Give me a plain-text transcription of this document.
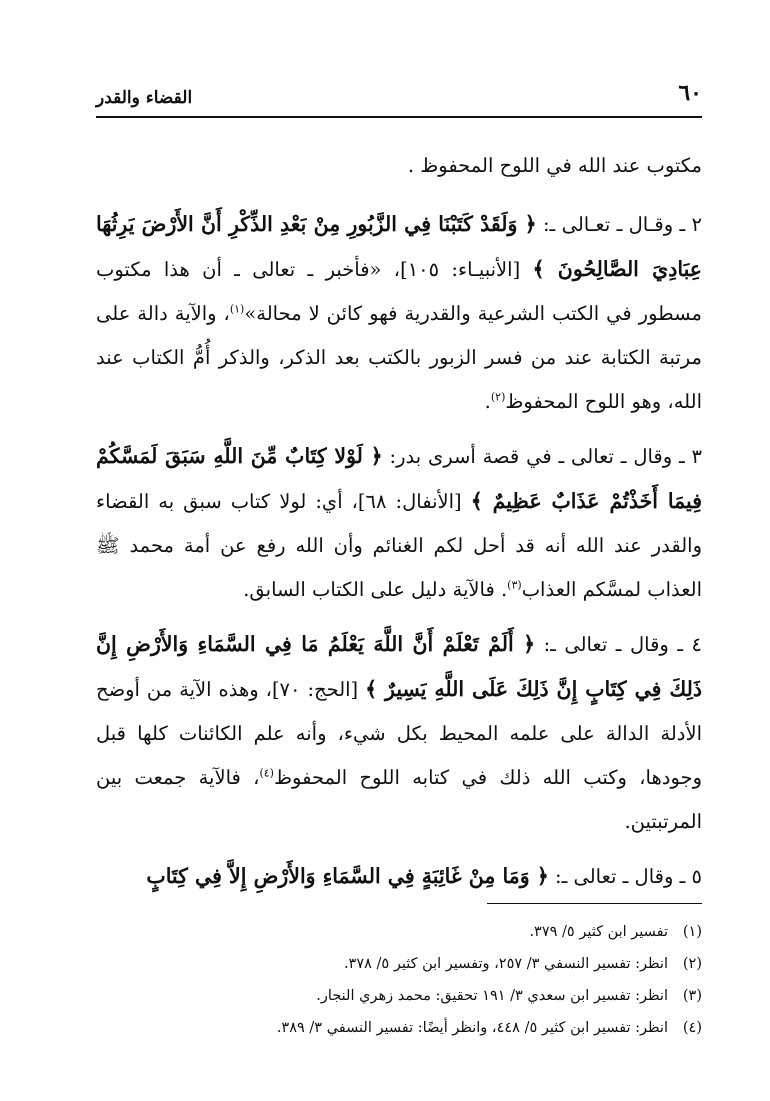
٦٠
القضاء والقدر

مكتوب عند الله في اللوح المحفوظ .

٢ ـ وقـال ـ تعـالى ـ: ﴿ وَلَقَدْ كَتَبْنَا فِي الزَّبُورِ مِنْ بَعْدِ الذِّكْرِ أَنَّ الأَرْضَ يَرِثُهَا عِبَادِيَ الصَّالِحُونَ ﴾ [الأنبيـاء: ١٠٥]، «فأخبر ـ تعالى ـ أن هذا مكتوب مسطور في الكتب الشرعية والقدرية فهو كائن لا محالة»$^{(١)}$، والآية دالة على مرتبة الكتابة عند من فسر الزبور بالكتب بعد الذكر، والذكر أُمُّ الكتاب عند الله، وهو اللوح المحفوظ$^{(٢)}$.

٣ ـ وقال ـ تعالى ـ في قصة أسرى بدر: ﴿ لَوْلا كِتَابٌ مِّنَ اللَّهِ سَبَقَ لَمَسَّكُمْ فِيمَا أَخَذْتُمْ عَذَابٌ عَظِيمٌ ﴾ [الأنفال: ٦٨]، أي: لولا كتاب سبق به القضاء والقدر عند الله أنه قد أحل لكم الغنائم وأن الله رفع عن أمة محمد ﷺ العذاب لمسَّكم العذاب$^{(٣)}$. فالآية دليل على الكتاب السابق.

٤ ـ وقال ـ تعالى ـ: ﴿ أَلَمْ تَعْلَمْ أَنَّ اللَّهَ يَعْلَمُ مَا فِي السَّمَاءِ وَالأَرْضِ إِنَّ ذَلِكَ فِي كِتَابٍ إِنَّ ذَلِكَ عَلَى اللَّهِ يَسِيرٌ ﴾ [الحج: ٧٠]، وهذه الآية من أوضح الأدلة الدالة على علمه المحيط بكل شيء، وأنه علم الكائنات كلها قبل وجودها، وكتب الله ذلك في كتابه اللوح المحفوظ$^{(٤)}$، فالآية جمعت بين المرتبتين.

٥ ـ وقال ـ تعالى ـ: ﴿ وَمَا مِنْ غَائِبَةٍ فِي السَّمَاءِ وَالأَرْضِ إِلاَّ فِي كِتَابٍ

(١)
تفسير ابن كثير ٥/ ٣٧٩.
(٢)
انظر: تفسير النسفي ٣/ ٢٥٧، وتفسير ابن كثير ٥/ ٣٧٨.
(٣)
انظر: تفسير ابن سعدي ٣/ ١٩١ تحقيق: محمد زهري النجار.
(٤)
انظر: تفسير ابن كثير ٥/ ٤٤٨، وانظر أيضًا: تفسير النسفي ٣/ ٣٨٩.
